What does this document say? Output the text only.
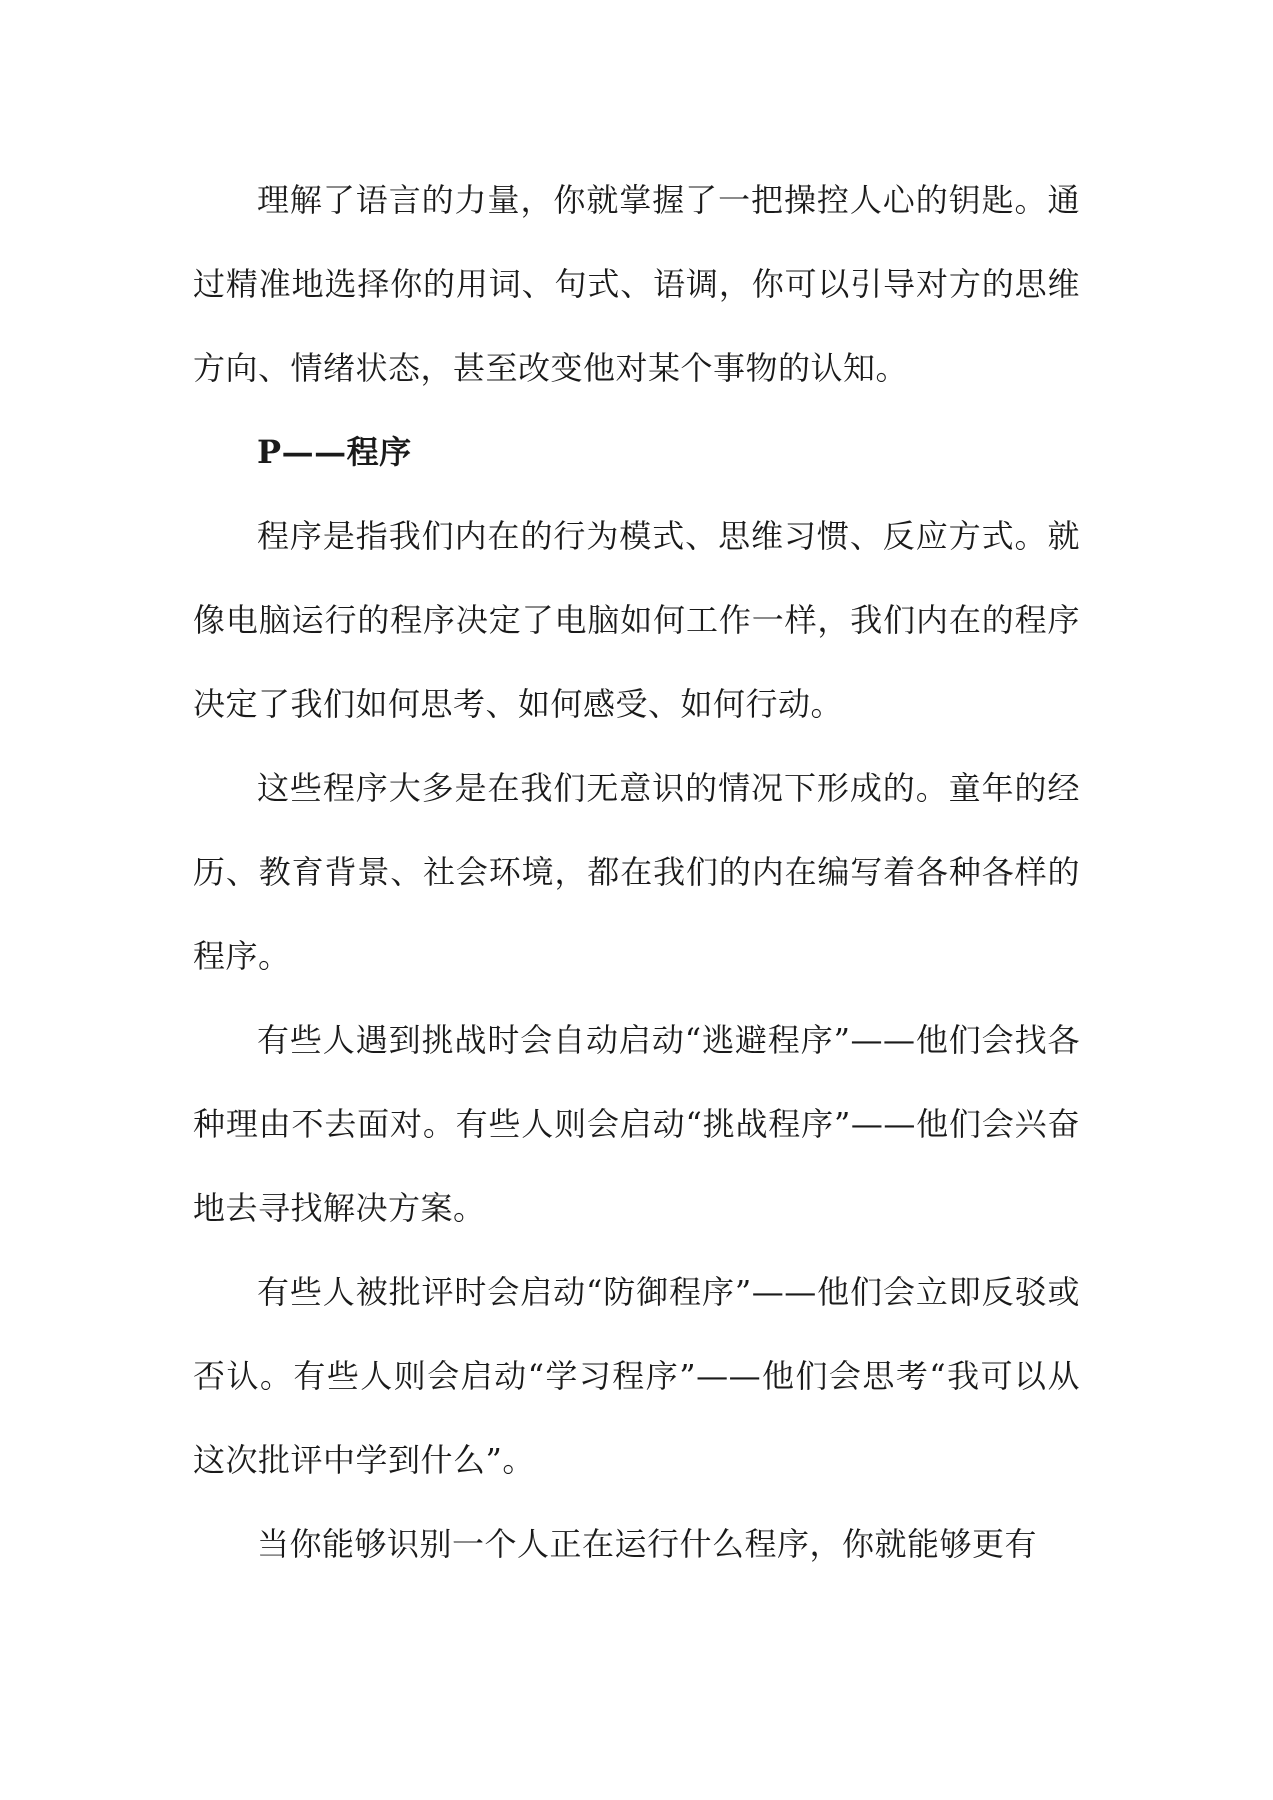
理解了语言的力量，你就掌握了一把操控人心的钥匙。通过精准地选择你的用词、句式、语调，你可以引导对方的思维方向、情绪状态，甚至改变他对某个事物的认知。

P——程序

程序是指我们内在的行为模式、思维习惯、反应方式。就像电脑运行的程序决定了电脑如何工作一样，我们内在的程序决定了我们如何思考、如何感受、如何行动。

这些程序大多是在我们无意识的情况下形成的。童年的经历、教育背景、社会环境，都在我们的内在编写着各种各样的程序。

有些人遇到挑战时会自动启动“逃避程序”——他们会找各种理由不去面对。有些人则会启动“挑战程序”——他们会兴奋地去寻找解决方案。

有些人被批评时会启动“防御程序”——他们会立即反驳或否认。有些人则会启动“学习程序”——他们会思考“我可以从这次批评中学到什么”。

当你能够识别一个人正在运行什么程序，你就能够更有
